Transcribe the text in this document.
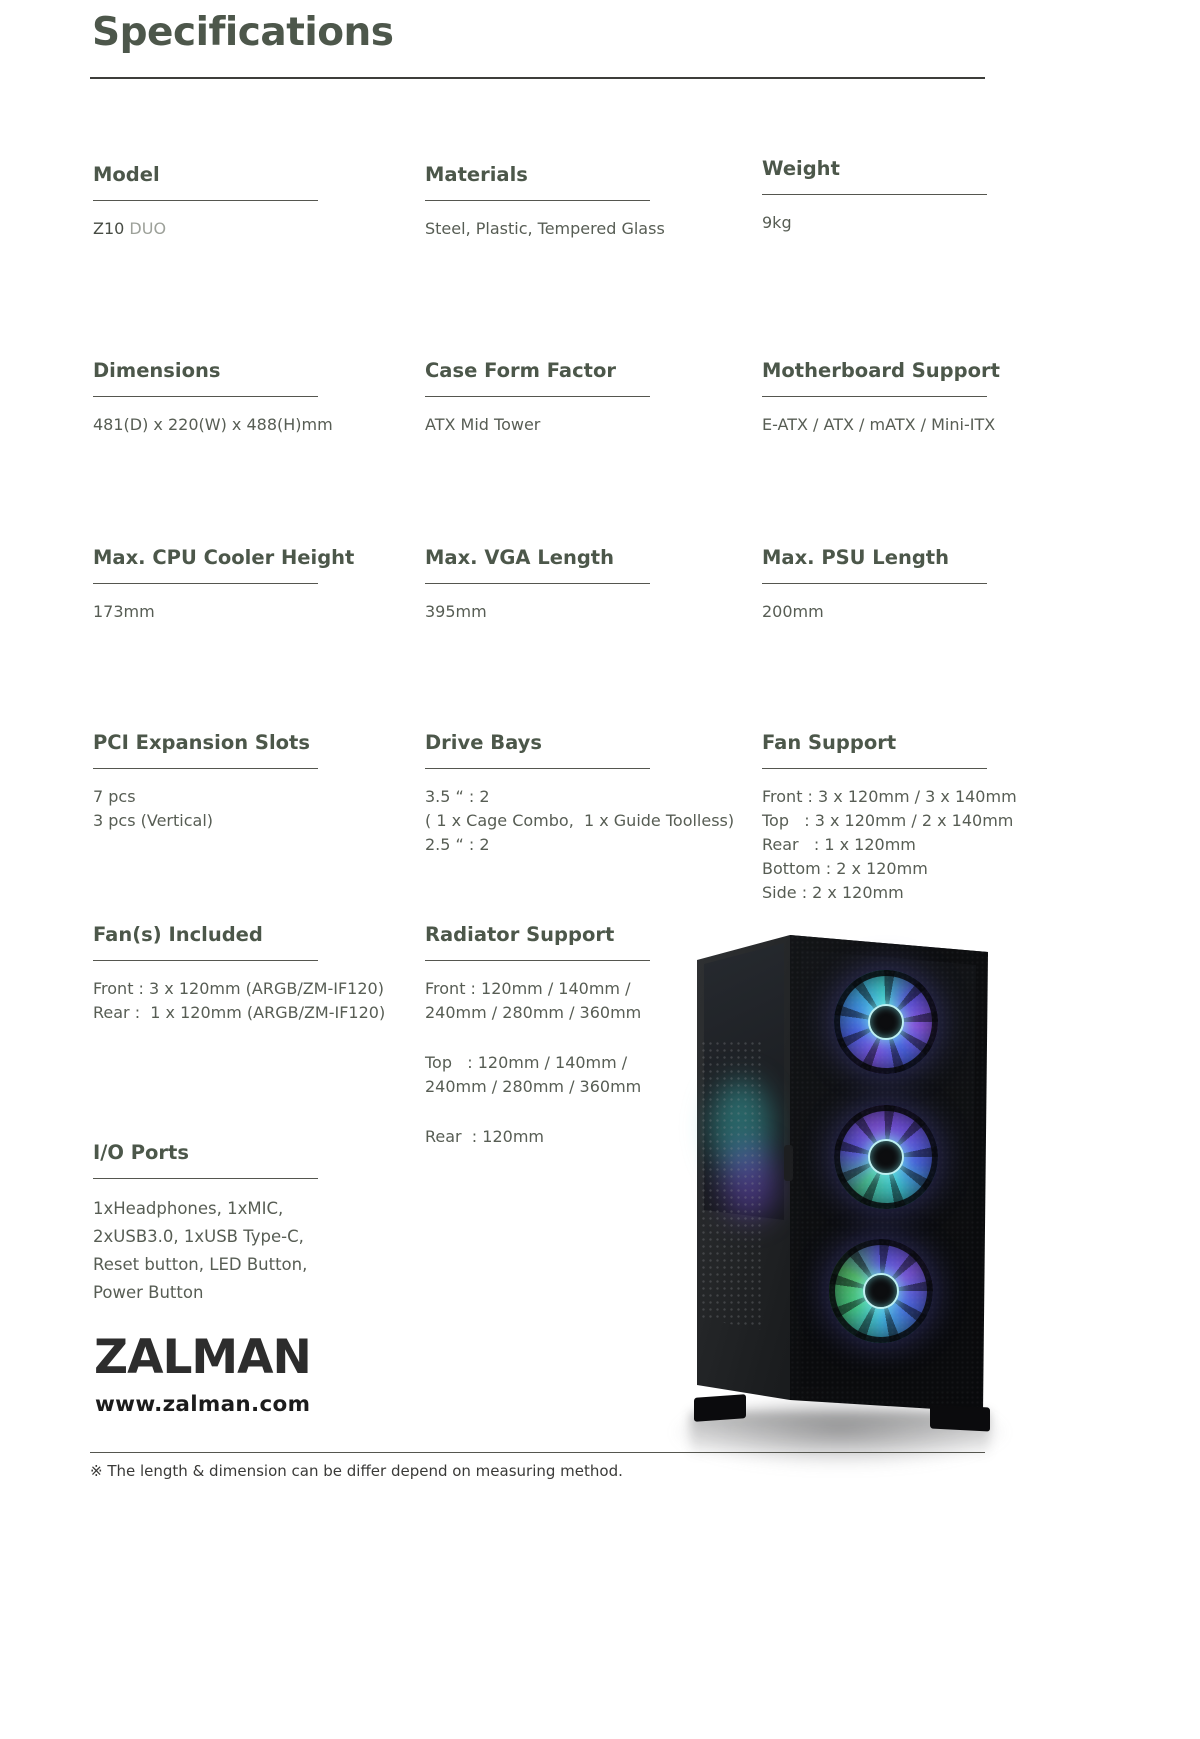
Specifications
Model
Z10 DUO
Materials
Steel, Plastic, Tempered Glass
Weight
9kg
Dimensions
481(D) x 220(W) x 488(H)mm
Case Form Factor
ATX Mid Tower
Motherboard Support
E-ATX / ATX / mATX / Mini-ITX
Max. CPU Cooler Height
173mm
Max. VGA Length
395mm
Max. PSU Length
200mm
PCI Expansion Slots
7 pcs
3 pcs (Vertical)
Drive Bays
3.5 “ : 2
( 1 x Cage Combo,  1 x Guide Toolless)
2.5 “ : 2
Fan Support
Front : 3 x 120mm / 3 x 140mm
Top   : 3 x 120mm / 2 x 140mm
Rear   : 1 x 120mm
Bottom : 2 x 120mm
Side : 2 x 120mm
Fan(s) Included
Front : 3 x 120mm (ARGB/ZM-IF120)
Rear :  1 x 120mm (ARGB/ZM-IF120)
Radiator Support
Front : 120mm / 140mm /
240mm / 280mm / 360mm
Top   : 120mm / 140mm /
240mm / 280mm / 360mm
Rear  : 120mm
I/O Ports
1xHeadphones, 1xMIC,
2xUSB3.0, 1xUSB Type-C,
Reset button, LED Button,
Power Button
ZALMAN
www.zalman.com
※ The length & dimension can be differ depend on measuring method.
